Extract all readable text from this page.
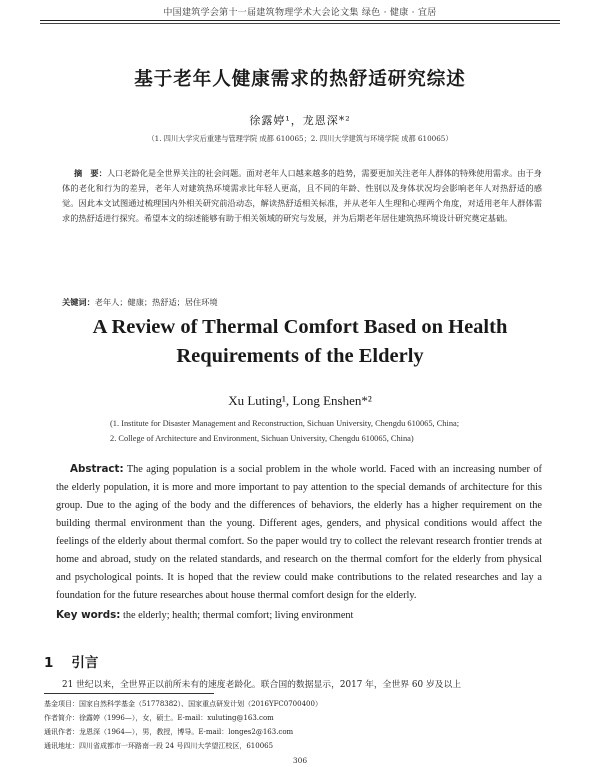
中国建筑学会第十一届建筑物理学术大会论文集 绿色 · 健康 · 宜居
基于老年人健康需求的热舒适研究综述
徐露婷¹，龙恩深*²
（1. 四川大学灾后重建与管理学院 成都 610065；2. 四川大学建筑与环境学院 成都 610065）
摘　要：人口老龄化是全世界关注的社会问题。面对老年人口越来越多的趋势，需要更加关注老年人群体的特殊使用需求。由于身体的老化和行为的差异，老年人对建筑热环境需求比年轻人更高，且不同的年龄、性别以及身体状况均会影响老年人对热舒适的感觉。因此本文试图通过梳理国内外相关研究前沿动态，解读热舒适相关标准，并从老年人生理和心理两个角度，对适用老年人群体需求的热舒适进行探究。希望本文的综述能够有助于相关领域的研究与发展，并为后期老年居住建筑热环境设计研究奠定基础。
关键词：老年人；健康；热舒适；居住环境
A Review of Thermal Comfort Based on Health
Requirements of the Elderly
Xu Luting¹, Long Enshen*²
(1. Institute for Disaster Management and Reconstruction, Sichuan University, Chengdu 610065, China;
2. College of Architecture and Environment, Sichuan University, Chengdu 610065, China)
Abstract: The aging population is a social problem in the whole world. Faced with an increasing number of the elderly population, it is more and more important to pay attention to the special demands of architecture for this group. Due to the aging of the body and the differences of behaviors, the elderly has a higher requirement on the building thermal environment than the young. Different ages, genders, and physical conditions would affect the feelings of the elderly about thermal comfort. So the paper would try to collect the relevant research frontier trends at home and abroad, study on the related standards, and research on the thermal comfort for the elderly from physical and psychological points. It is hoped that the review could make contributions to the related researches and lay a foundation for the future researches about house thermal comfort design for the elderly.
Key words: the elderly; health; thermal comfort; living environment
1 引言
21 世纪以来，全世界正以前所未有的速度老龄化。联合国的数据显示，2017 年，全世界 60 岁及以上
基金项目：国家自然科学基金（51778382）、国家重点研发计划（2016YFC0700400）
作者简介：徐露婷（1996—），女，硕士。E-mail：xuluting@163.com
通讯作者：龙恩深（1964—），男，教授，博导。E-mail：longes2@163.com
通讯地址：四川省成都市一环路南一段 24 号四川大学望江校区，610065
306
